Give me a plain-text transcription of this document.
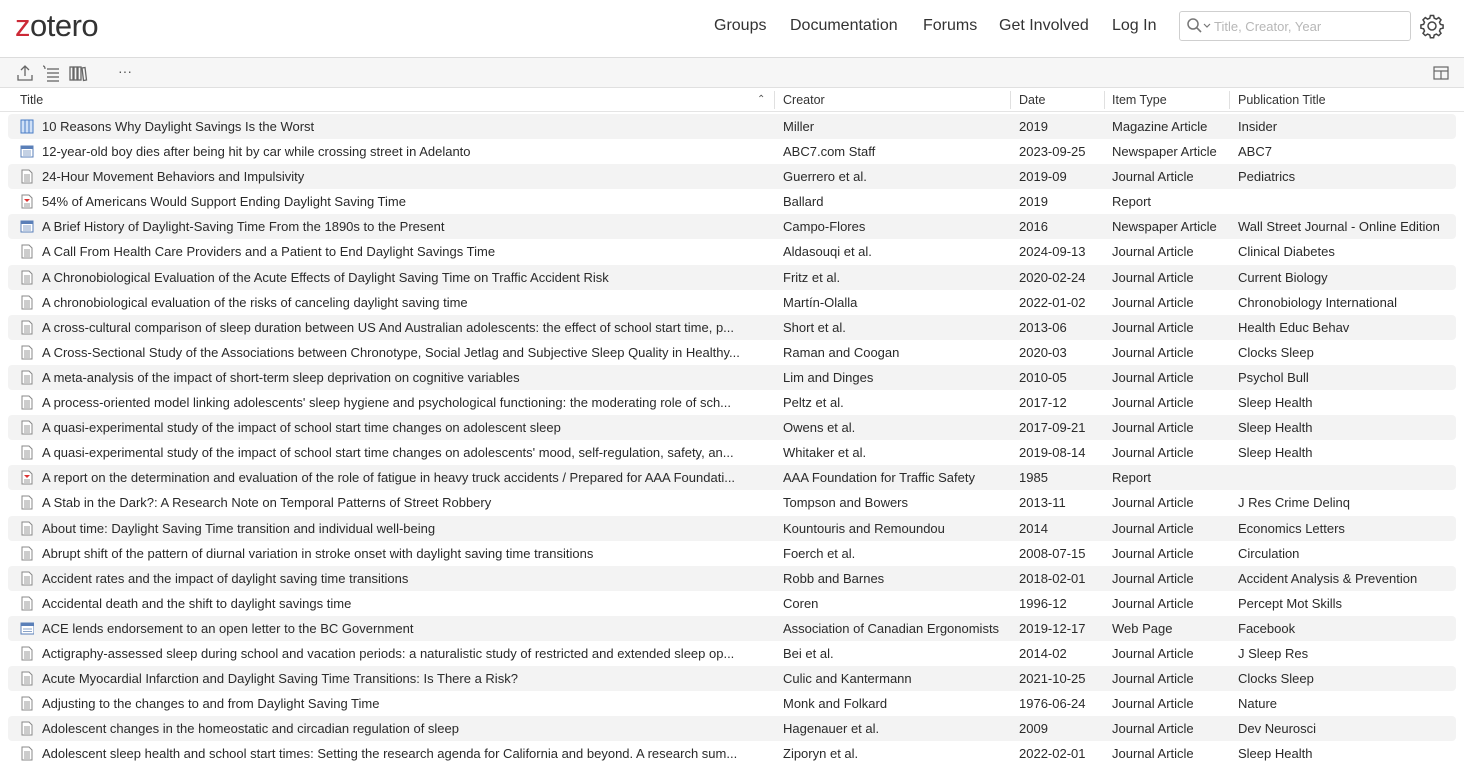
zotero	Groups Documentation Forums Get Involved Log In
Title, Creator, Year
···
Title	⌃ Creator	Date	Item Type	Publication Title
10 Reasons Why Daylight Savings Is the Worst	Miller	2019	Magazine Article	Insider
12-year-old boy dies after being hit by car while crossing street in Adelanto	ABC7.com Staff	2023-09-25	Newspaper Article	ABC7
24-Hour Movement Behaviors and Impulsivity	Guerrero et al.	2019-09	Journal Article	Pediatrics
54% of Americans Would Support Ending Daylight Saving Time	Ballard	2019	Report
A Brief History of Daylight-Saving Time From the 1890s to the Present	Campo-Flores	2016	Newspaper Article	Wall Street Journal - Online Edition
A Call From Health Care Providers and a Patient to End Daylight Savings Time	Aldasouqi et al.	2024-09-13	Journal Article	Clinical Diabetes
A Chronobiological Evaluation of the Acute Effects of Daylight Saving Time on Traffic Accident Risk	Fritz et al.	2020-02-24	Journal Article	Current Biology
A chronobiological evaluation of the risks of canceling daylight saving time	Martín-Olalla	2022-01-02	Journal Article	Chronobiology International
A cross-cultural comparison of sleep duration between US And Australian adolescents: the effect of school start time, p...	Short et al.	2013-06	Journal Article	Health Educ Behav
A Cross-Sectional Study of the Associations between Chronotype, Social Jetlag and Subjective Sleep Quality in Healthy...	Raman and Coogan	2020-03	Journal Article	Clocks Sleep
A meta-analysis of the impact of short-term sleep deprivation on cognitive variables	Lim and Dinges	2010-05	Journal Article	Psychol Bull
A process-oriented model linking adolescents' sleep hygiene and psychological functioning: the moderating role of sch...	Peltz et al.	2017-12	Journal Article	Sleep Health
A quasi-experimental study of the impact of school start time changes on adolescent sleep	Owens et al.	2017-09-21	Journal Article	Sleep Health
A quasi-experimental study of the impact of school start time changes on adolescents' mood, self-regulation, safety, an...	Whitaker et al.	2019-08-14	Journal Article	Sleep Health
A report on the determination and evaluation of the role of fatigue in heavy truck accidents / Prepared for AAA Foundati...	AAA Foundation for Traffic Safety	1985	Report
A Stab in the Dark?: A Research Note on Temporal Patterns of Street Robbery	Tompson and Bowers	2013-11	Journal Article	J Res Crime Delinq
About time: Daylight Saving Time transition and individual well-being	Kountouris and Remoundou	2014	Journal Article	Economics Letters
Abrupt shift of the pattern of diurnal variation in stroke onset with daylight saving time transitions	Foerch et al.	2008-07-15	Journal Article	Circulation
Accident rates and the impact of daylight saving time transitions	Robb and Barnes	2018-02-01	Journal Article	Accident Analysis & Prevention
Accidental death and the shift to daylight savings time	Coren	1996-12	Journal Article	Percept Mot Skills
ACE lends endorsement to an open letter to the BC Government	Association of Canadian Ergonomists	2019-12-17	Web Page	Facebook
Actigraphy-assessed sleep during school and vacation periods: a naturalistic study of restricted and extended sleep op...	Bei et al.	2014-02	Journal Article	J Sleep Res
Acute Myocardial Infarction and Daylight Saving Time Transitions: Is There a Risk?	Culic and Kantermann	2021-10-25	Journal Article	Clocks Sleep
Adjusting to the changes to and from Daylight Saving Time	Monk and Folkard	1976-06-24	Journal Article	Nature
Adolescent changes in the homeostatic and circadian regulation of sleep	Hagenauer et al.	2009	Journal Article	Dev Neurosci
Adolescent sleep health and school start times: Setting the research agenda for California and beyond. A research sum...	Ziporyn et al.	2022-02-01	Journal Article	Sleep Health
